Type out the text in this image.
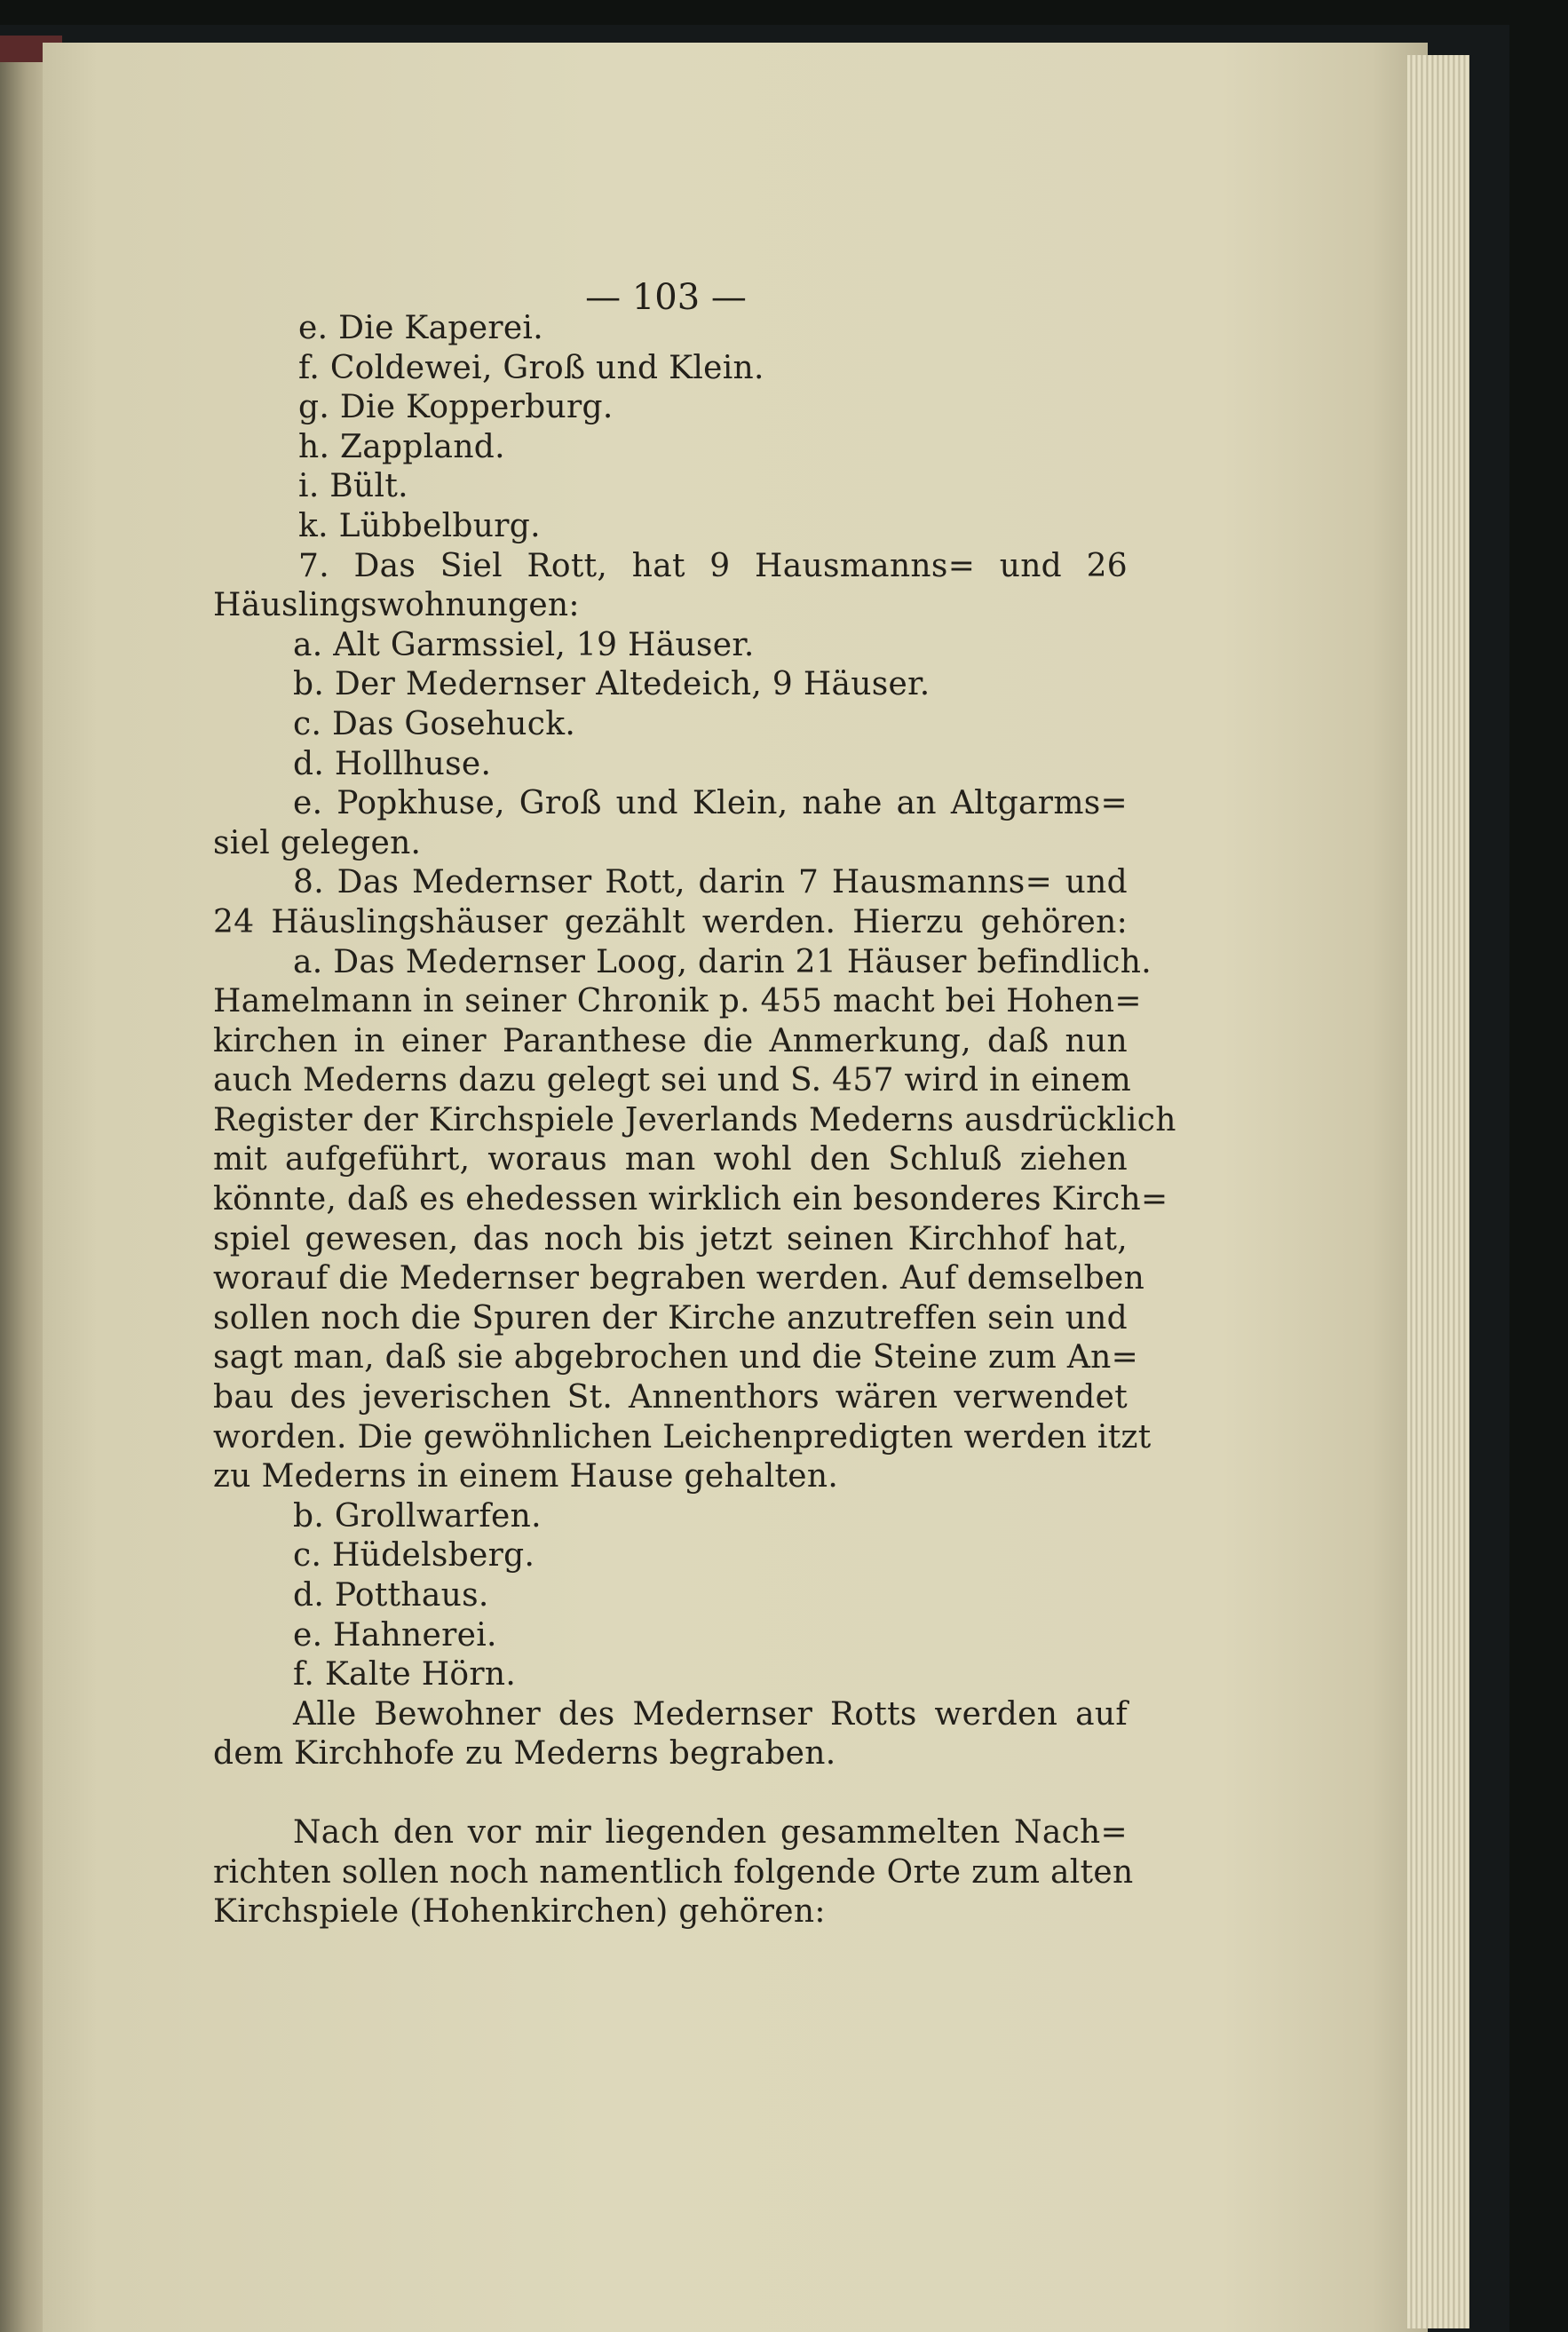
— 103 —
e. Die Kaperei.
f. Coldewei, Groß und Klein.
g. Die Kopperburg.
h. Zappland.
i. Bült.
k. Lübbelburg.
7. Das Siel Rott, hat 9 Hausmanns= und 26
Häuslingswohnungen:
a. Alt Garmssiel, 19 Häuser.
b. Der Medernser Altedeich, 9 Häuser.
c. Das Gosehuck.
d. Hollhuse.
e. Popkhuse, Groß und Klein, nahe an Altgarms=
siel gelegen.
8. Das Medernser Rott, darin 7 Hausmanns= und
24 Häuslingshäuser gezählt werden. Hierzu gehören:
a. Das Medernser Loog, darin 21 Häuser befindlich.
Hamelmann in seiner Chronik p. 455 macht bei Hohen=
kirchen in einer Paranthese die Anmerkung, daß nun
auch Mederns dazu gelegt sei und S. 457 wird in einem
Register der Kirchspiele Jeverlands Mederns ausdrücklich
mit aufgeführt, woraus man wohl den Schluß ziehen
könnte, daß es ehedessen wirklich ein besonderes Kirch=
spiel gewesen, das noch bis jetzt seinen Kirchhof hat,
worauf die Medernser begraben werden. Auf demselben
sollen noch die Spuren der Kirche anzutreffen sein und
sagt man, daß sie abgebrochen und die Steine zum An=
bau des jeverischen St. Annenthors wären verwendet
worden. Die gewöhnlichen Leichenpredigten werden itzt
zu Mederns in einem Hause gehalten.
b. Grollwarfen.
c. Hüdelsberg.
d. Potthaus.
e. Hahnerei.
f. Kalte Hörn.
Alle Bewohner des Medernser Rotts werden auf
dem Kirchhofe zu Mederns begraben.
Nach den vor mir liegenden gesammelten Nach=
richten sollen noch namentlich folgende Orte zum alten
Kirchspiele (Hohenkirchen) gehören:
